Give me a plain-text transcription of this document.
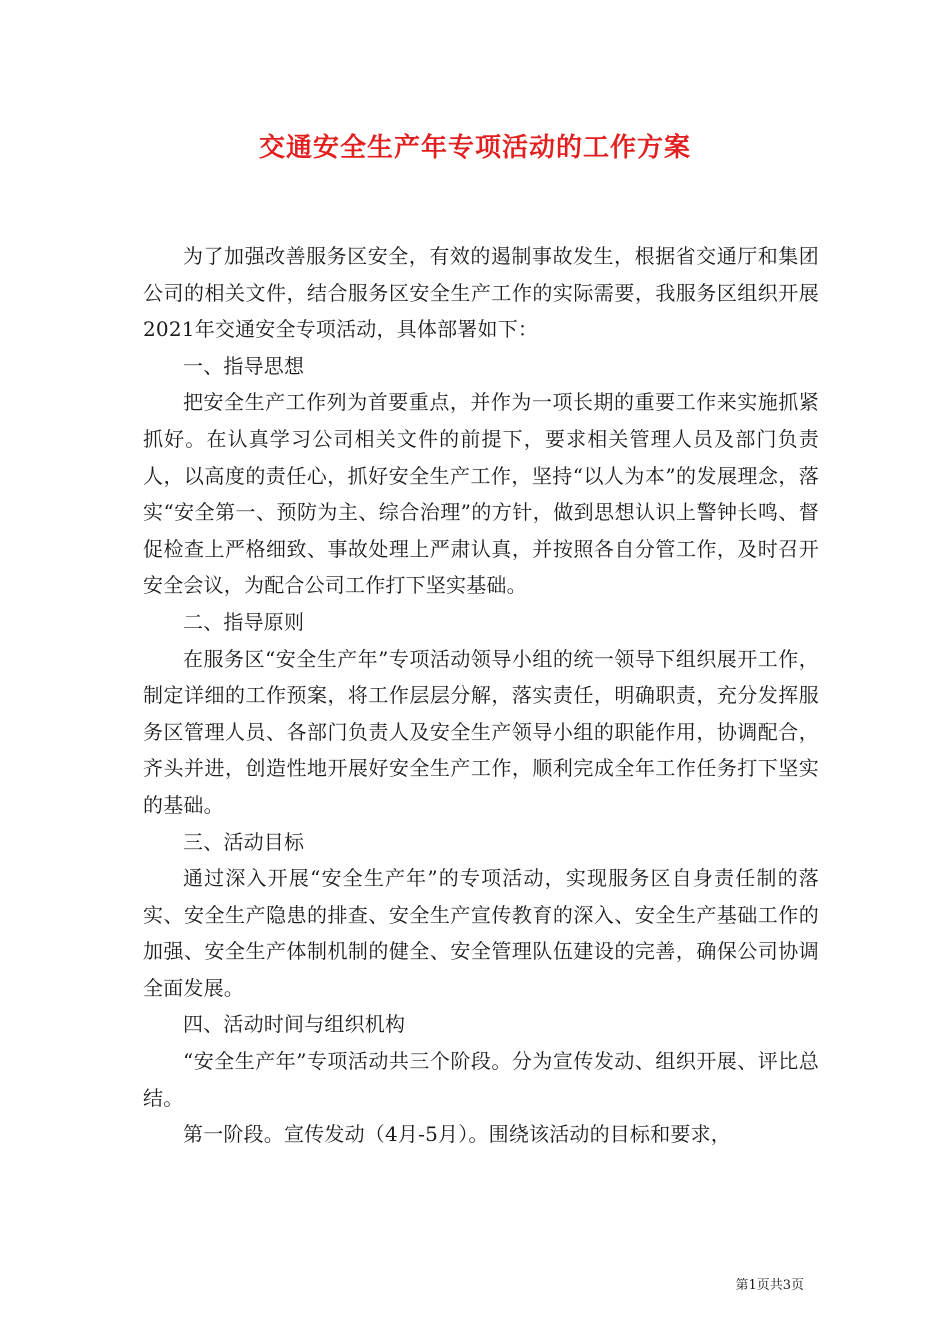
交通安全生产年专项活动的工作方案

为了加强改善服务区安全，有效的遏制事故发生，根据省交通厅和集团公司的相关文件，结合服务区安全生产工作的实际需要，我服务区组织开展2021年交通安全专项活动，具体部署如下：

一、指导思想

把安全生产工作列为首要重点，并作为一项长期的重要工作来实施抓紧抓好。在认真学习公司相关文件的前提下，要求相关管理人员及部门负责人，以高度的责任心，抓好安全生产工作，坚持“以人为本”的发展理念，落实“安全第一、预防为主、综合治理”的方针，做到思想认识上警钟长鸣、督促检查上严格细致、事故处理上严肃认真，并按照各自分管工作，及时召开安全会议，为配合公司工作打下坚实基础。

二、指导原则

在服务区“安全生产年”专项活动领导小组的统一领导下组织展开工作，制定详细的工作预案，将工作层层分解，落实责任，明确职责，充分发挥服务区管理人员、各部门负责人及安全生产领导小组的职能作用，协调配合，齐头并进，创造性地开展好安全生产工作，顺利完成全年工作任务打下坚实的基础。

三、活动目标

通过深入开展“安全生产年”的专项活动，实现服务区自身责任制的落实、安全生产隐患的排查、安全生产宣传教育的深入、安全生产基础工作的加强、安全生产体制机制的健全、安全管理队伍建设的完善，确保公司协调全面发展。

四、活动时间与组织机构

“安全生产年”专项活动共三个阶段。分为宣传发动、组织开展、评比总结。

第一阶段。宣传发动（4月-5月）。围绕该活动的目标和要求，

第1页共3页
